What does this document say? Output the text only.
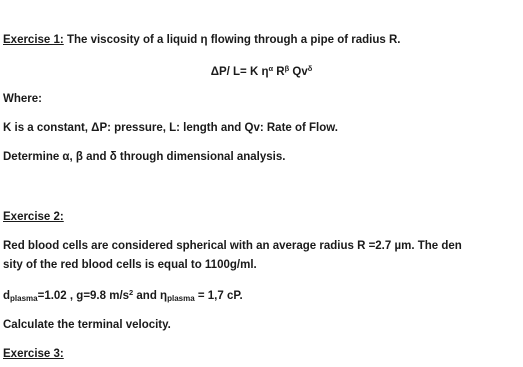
Exercise 1: The viscosity of a liquid η flowing through a pipe of radius R.
ΔP/ L= K $\eta^\alpha$ $R^\beta$ $Qv^\delta$
Where:
K is a constant, ΔP: pressure, L: length and Qv: Rate of Flow.
Determine α, β and δ through dimensional analysis.
Exercise 2:
Red blood cells are considered spherical with an average radius R =2.7 µm. The den
sity of the red blood cells is equal to 1100g/ml.
$d_{plasma}=1.02$ , g=9.8 $m/s^2$ and $\eta_{plasma} = 1,7$ cP.
Calculate the terminal velocity.
Exercise 3:
